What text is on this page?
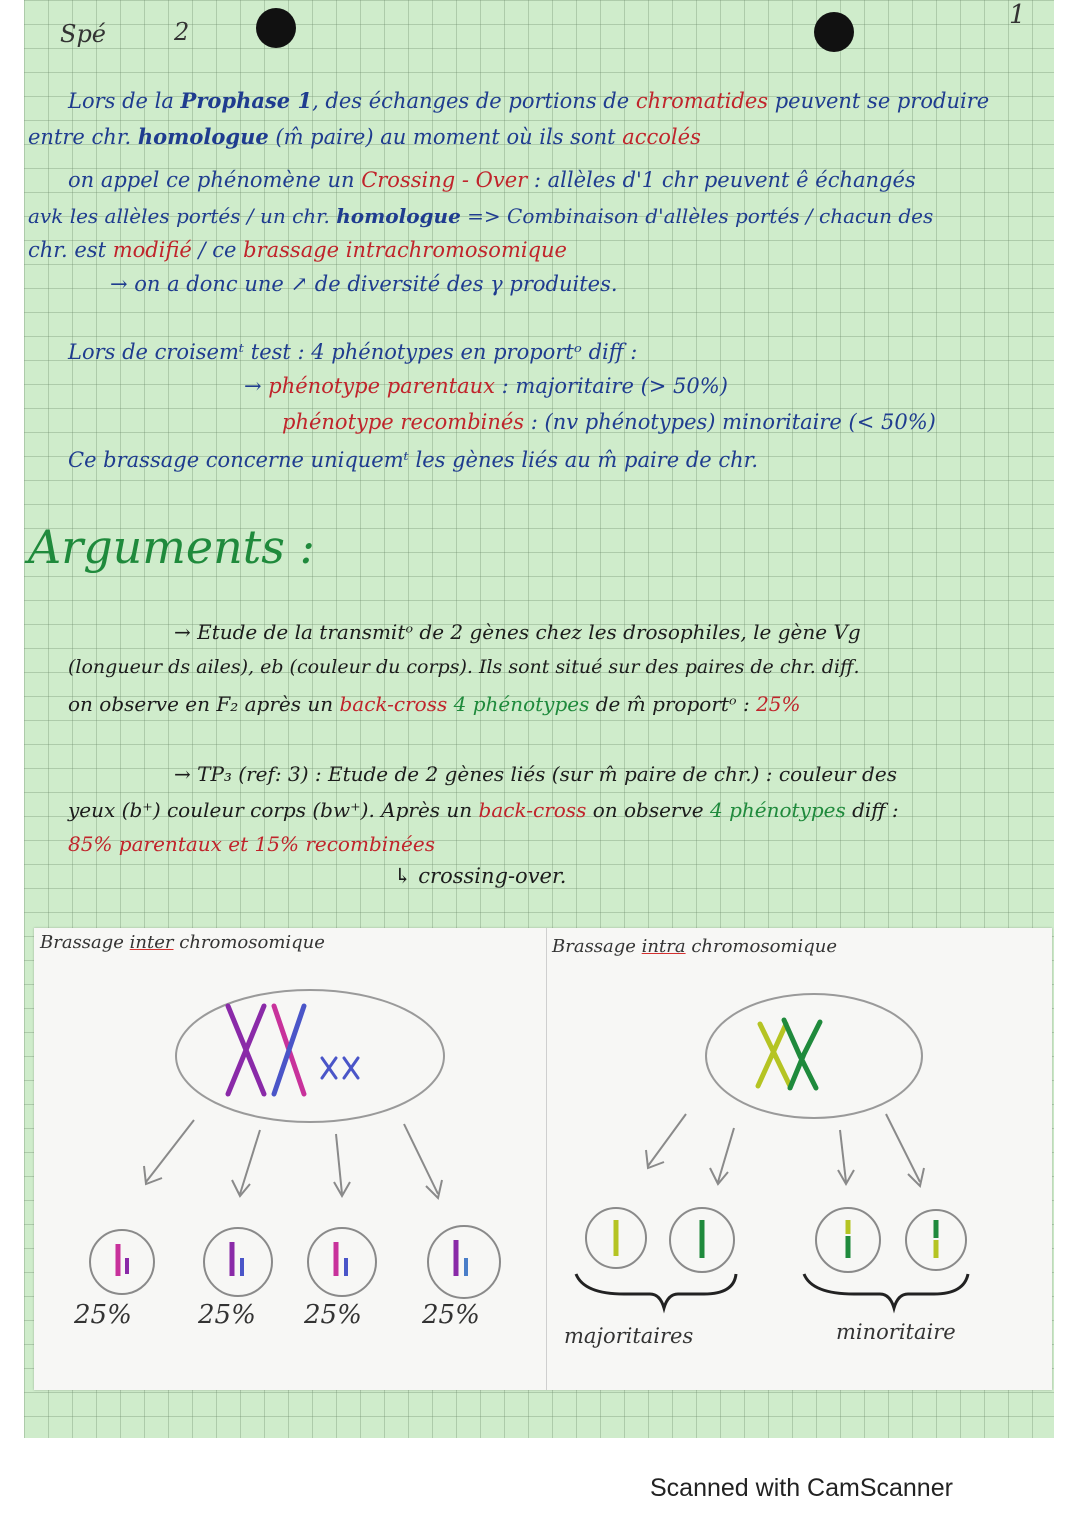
Spé	2
1
Lors de la Prophase 1, des échanges de portions de chromatides peuvent se produire
entre chr. homologue (m̂ paire) au moment où ils sont accolés
on appel ce phénomène un Crossing - Over : allèles d'1 chr peuvent ê échangés
avk les allèles portés / un chr. homologue => Combinaison d'allèles portés / chacun des
chr. est modifié / ce brassage intrachromosomique
→ on a donc une ↗ de diversité des γ produites.
Lors de croisemᵗ test : 4 phénotypes en proportᵒ diff :
→ phénotype parentaux : majoritaire (> 50%)
phénotype recombinés : (nv phénotypes) minoritaire (< 50%)
Ce brassage concerne uniquemᵗ les gènes liés au m̂ paire de chr.
Arguments :
→ Etude de la transmitᵒ de 2 gènes chez les drosophiles, le gène Vg
(longueur ds ailes), eb (couleur du corps). Ils sont situé sur des paires de chr. diff.
on observe en F₂ après un back-cross 4 phénotypes de m̂ proportᵒ : 25%
→ TP₃ (ref: 3) : Etude de 2 gènes liés (sur m̂ paire de chr.) : couleur des
yeux (b⁺) couleur corps (bw⁺). Après un back-cross on observe 4 phénotypes diff :
85% parentaux et 15% recombinées
↳ crossing-over.
Brassage inter chromosomique	Brassage intra chromosomique
25%	25% 25% 25%
majoritaires	minoritaire
Scanned with CamScanner
